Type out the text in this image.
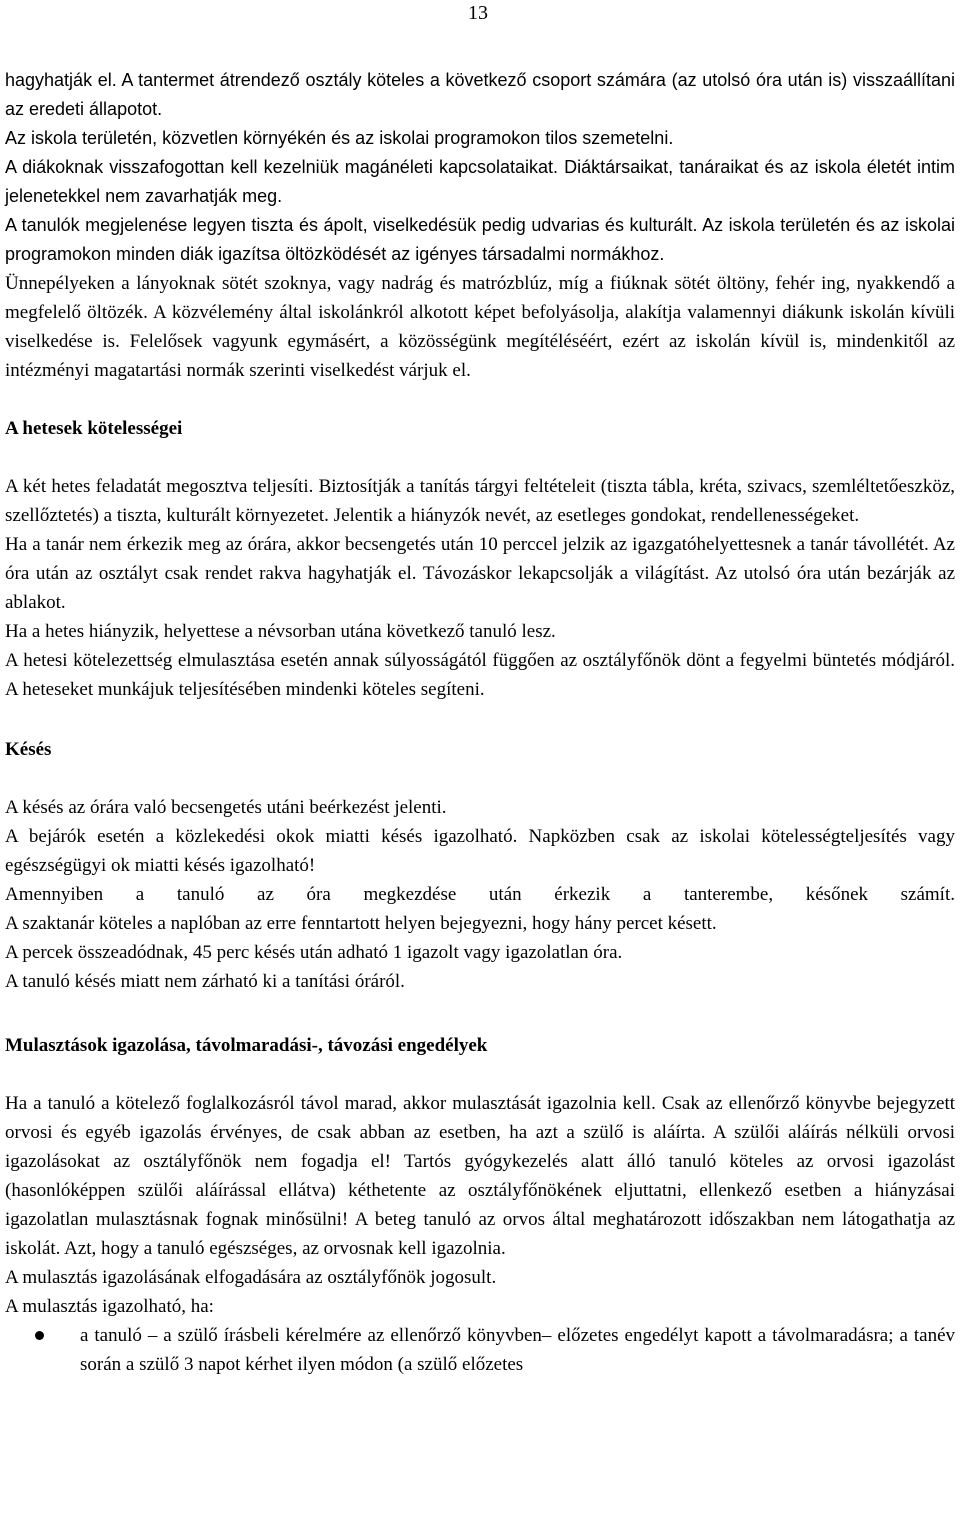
13

hagyhatják el. A tantermet átrendező osztály köteles a következő csoport számára (az utolsó óra után is) visszaállítani az eredeti állapotot.

Az iskola területén, közvetlen környékén és az iskolai programokon tilos szemetelni.

A diákoknak visszafogottan kell kezelniük magánéleti kapcsolataikat. Diáktársaikat, tanáraikat és az iskola életét intim jelenetekkel nem zavarhatják meg.

A tanulók megjelenése legyen tiszta és ápolt, viselkedésük pedig udvarias és kulturált. Az iskola területén és az iskolai programokon minden diák igazítsa öltözködését az igényes társadalmi normákhoz.

Ünnepélyeken a lányoknak sötét szoknya, vagy nadrág és matrózblúz, míg a fiúknak sötét öltöny, fehér ing, nyakkendő a megfelelő öltözék. A közvélemény által iskolánkról alkotott képet befolyásolja, alakítja valamennyi diákunk iskolán kívüli viselkedése is. Felelősek vagyunk egymásért, a közösségünk megítéléséért, ezért az iskolán kívül is, mindenkitől az intézményi magatartási normák szerinti viselkedést várjuk el.

A hetesek kötelességei

A két hetes feladatát megosztva teljesíti. Biztosítják a tanítás tárgyi feltételeit (tiszta tábla, kréta, szivacs, szemléltetőeszköz, szellőztetés) a tiszta, kulturált környezetet. Jelentik a hiányzók nevét, az esetleges gondokat, rendellenességeket.

Ha a tanár nem érkezik meg az órára, akkor becsengetés után 10 perccel jelzik az igazgatóhelyettesnek a tanár távollétét. Az óra után az osztályt csak rendet rakva hagyhatják el. Távozáskor lekapcsolják a világítást. Az utolsó óra után bezárják az ablakot.

Ha a hetes hiányzik, helyettese a névsorban utána következő tanuló lesz.

A hetesi kötelezettség elmulasztása esetén annak súlyosságától függően az osztályfőnök dönt a fegyelmi büntetés módjáról. A heteseket munkájuk teljesítésében mindenki köteles segíteni.

Késés

A késés az órára való becsengetés utáni beérkezést jelenti.

A bejárók esetén a közlekedési okok miatti késés igazolható. Napközben csak az iskolai kötelességteljesítés vagy egészségügyi ok miatti késés igazolható!

Amennyiben a tanuló az óra megkezdése után érkezik a tanterembe, későnek számít.

A szaktanár köteles a naplóban az erre fenntartott helyen bejegyezni, hogy hány percet késett.

A percek összeadódnak, 45 perc késés után adható 1 igazolt vagy igazolatlan óra.

A tanuló késés miatt nem zárható ki a tanítási óráról.

Mulasztások igazolása, távolmaradási-, távozási engedélyek

Ha a tanuló a kötelező foglalkozásról távol marad, akkor mulasztását igazolnia kell. Csak az ellenőrző könyvbe bejegyzett orvosi és egyéb igazolás érvényes, de csak abban az esetben, ha azt a szülő is aláírta. A szülői aláírás nélküli orvosi igazolásokat az osztályfőnök nem fogadja el! Tartós gyógykezelés alatt álló tanuló köteles az orvosi igazolást (hasonlóképpen szülői aláírással ellátva) kéthetente az osztályfőnökének eljuttatni, ellenkező esetben a hiányzásai igazolatlan mulasztásnak fognak minősülni! A beteg tanuló az orvos által meghatározott időszakban nem látogathatja az iskolát. Azt, hogy a tanuló egészséges, az orvosnak kell igazolnia.

A mulasztás igazolásának elfogadására az osztályfőnök jogosult.

A mulasztás igazolható, ha:

a tanuló – a szülő írásbeli kérelmére az ellenőrző könyvben– előzetes engedélyt kapott a távolmaradásra; a tanév során a szülő 3 napot kérhet ilyen módon (a szülő előzetes
